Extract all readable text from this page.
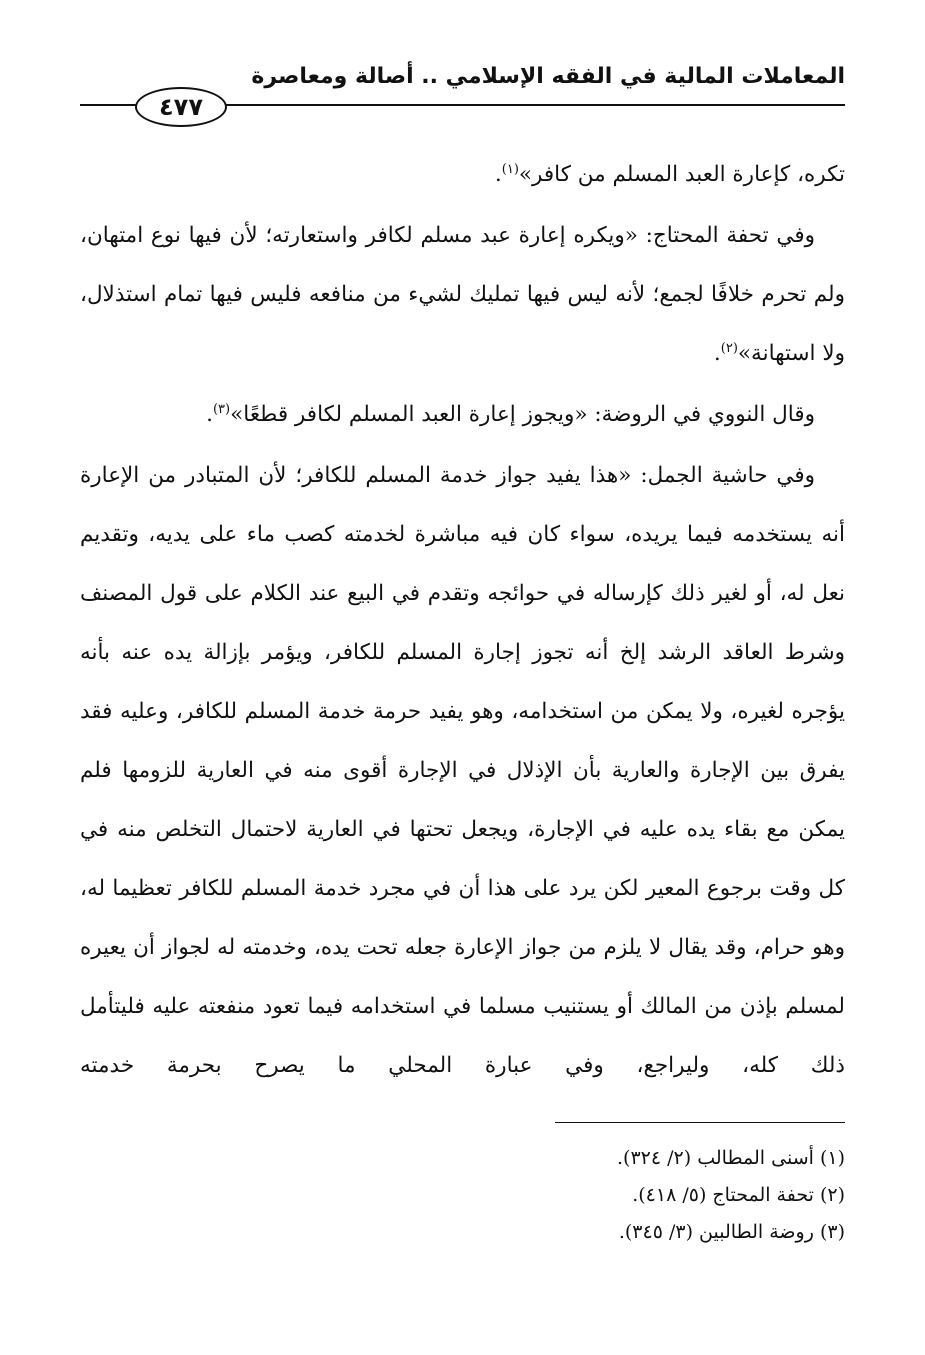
المعاملات المالية في الفقه الإسلامي .. أصالة ومعاصرة
٤٧٧

تكره، كإعارة العبد المسلم من كافر»$^{(١)}$.

وفي تحفة المحتاج: «ويكره إعارة عبد مسلم لكافر واستعارته؛ لأن فيها نوع امتهان، ولم تحرم خلافًا لجمع؛ لأنه ليس فيها تمليك لشيء من منافعه فليس فيها تمام استذلال، ولا استهانة»$^{(٢)}$.

وقال النووي في الروضة: «ويجوز إعارة العبد المسلم لكافر قطعًا»$^{(٣)}$.

وفي حاشية الجمل: «هذا يفيد جواز خدمة المسلم للكافر؛ لأن المتبادر من الإعارة أنه يستخدمه فيما يريده، سواء كان فيه مباشرة لخدمته كصب ماء على يديه، وتقديم نعل له، أو لغير ذلك كإرساله في حوائجه وتقدم في البيع عند الكلام على قول المصنف وشرط العاقد الرشد إلخ أنه تجوز إجارة المسلم للكافر، ويؤمر بإزالة يده عنه بأنه يؤجره لغيره، ولا يمكن من استخدامه، وهو يفيد حرمة خدمة المسلم للكافر، وعليه فقد يفرق بين الإجارة والعارية بأن الإذلال في الإجارة أقوى منه في العارية للزومها فلم يمكن مع بقاء يده عليه في الإجارة، ويجعل تحتها في العارية لاحتمال التخلص منه في كل وقت برجوع المعير لكن يرد على هذا أن في مجرد خدمة المسلم للكافر تعظيما له، وهو حرام، وقد يقال لا يلزم من جواز الإعارة جعله تحت يده، وخدمته له لجواز أن يعيره لمسلم بإذن من المالك أو يستنيب مسلما في استخدامه فيما تعود منفعته عليه فليتأمل ذلك كله، وليراجع، وفي عبارة المحلي ما يصرح بحرمة خدمته

(١) أسنى المطالب (٢/ ٣٢٤).
(٢) تحفة المحتاج (٥/ ٤١٨).
(٣) روضة الطالبين (٣/ ٣٤٥).
